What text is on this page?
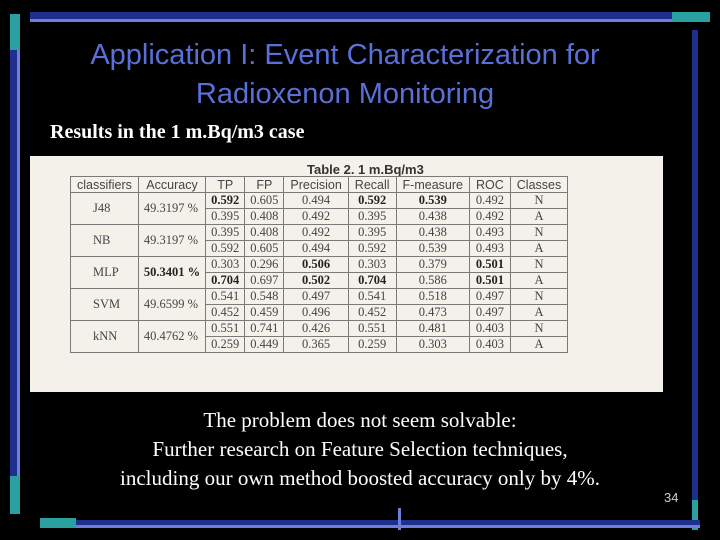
Application I: Event Characterization for
Radioxenon Monitoring
Results in the 1 m.Bq/m3 case
Table 2. 1 m.Bq/m3
classifiers	Accuracy	TP	FP	Precision	Recall	F-measure	ROC	Classes
J48	49.3197 %	0.592	0.605	0.494	0.592	0.539	0.492	N
		0.395	0.408	0.492	0.395	0.438	0.492	A
NB	49.3197 %	0.395	0.408	0.492	0.395	0.438	0.493	N
		0.592	0.605	0.494	0.592	0.539	0.493	A
MLP	50.3401 %	0.303	0.296	0.506	0.303	0.379	0.501	N
		0.704	0.697	0.502	0.704	0.586	0.501	A
SVM	49.6599 %	0.541	0.548	0.497	0.541	0.518	0.497	N
		0.452	0.459	0.496	0.452	0.473	0.497	A
kNN	40.4762 %	0.551	0.741	0.426	0.551	0.481	0.403	N
		0.259	0.449	0.365	0.259	0.303	0.403	A
The problem does not seem solvable:
Further research on Feature Selection techniques,
including our own method boosted accuracy only by 4%.
34
